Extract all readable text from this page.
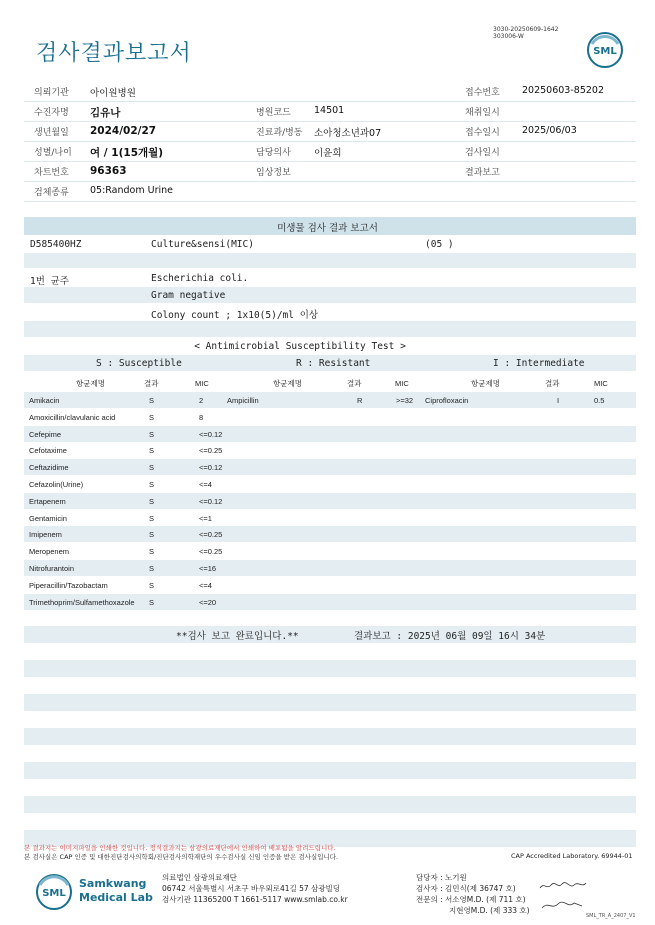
검사결과보고서
3030-20250609-1642
303006-W
SML
의뢰기관 아이원병원	접수번호 20250603-85202
수진자명 김유나	병원코드 14501	채취일시
생년월일 2024/02/27	진료과/병동 소아청소년과07	접수일시 2025/06/03
성별/나이 여 / 1(15개월)	담당의사 이윤희	검사일시
차트번호 96363	임상정보	결과보고
검체종류 05:Random Urine
미생물 검사 결과 보고서
D585400HZ	Culture&sensi(MIC)	(05 )
1번 균주	Escherichia coli.
Gram negative
Colony count ; 1x10(5)/ml 이상
< Antimicrobial Susceptibility Test >
S : Susceptible	R : Resistant	I : Intermediate
항균제명	결과	MIC	항균제명	결과	MIC	항균제명	결과	MIC
Amikacin	S	2	Ampicillin	R	>=32 Ciprofloxacin	I	0.5
Amoxicillin/clavulanic acid	S	8
Cefepime	S	<=0.12
Cefotaxime	S	<=0.25
Ceftazidime	S	<=0.12
Cefazolin(Urine)	S	<=4
Ertapenem	S	<=0.12
Gentamicin	S	<=1
Imipenem	S	<=0.25
Meropenem	S	<=0.25
Nitrofurantoin	S	<=16
Piperacillin/Tazobactam	S	<=4
Trimethoprim/Sulfamethoxazole S	<=20
**검사 보고 완료입니다.**	결과보고 : 2025년 06월 09일 16시 34분
본 결과지는 이미지파일을 인쇄한 것입니다. 정식결과지는 삼광의료재단에서 인쇄하여 배포됨을 알려드립니다.
본 검사실은 CAP 인증 및 대한진단검사의학회/진단검사의학재단의 우수검사실 신임 인증을 받은 검사실입니다.	CAP Accredited Laboratory. 69944-01
SML
Samkwang
Medical Lab
의료법인 삼광의료재단
06742 서울특별시 서초구 바우뫼로41길 57 삼광빌딩
검사기관 11365200 T 1661-5117 www.smlab.co.kr
담당자 : 노기원
검사자 : 김민식(제 36747 호)
전문의 : 서소영M.D. (제 711 호)
지현영M.D. (제 333 호)
SML_TR_A_2407_V1
